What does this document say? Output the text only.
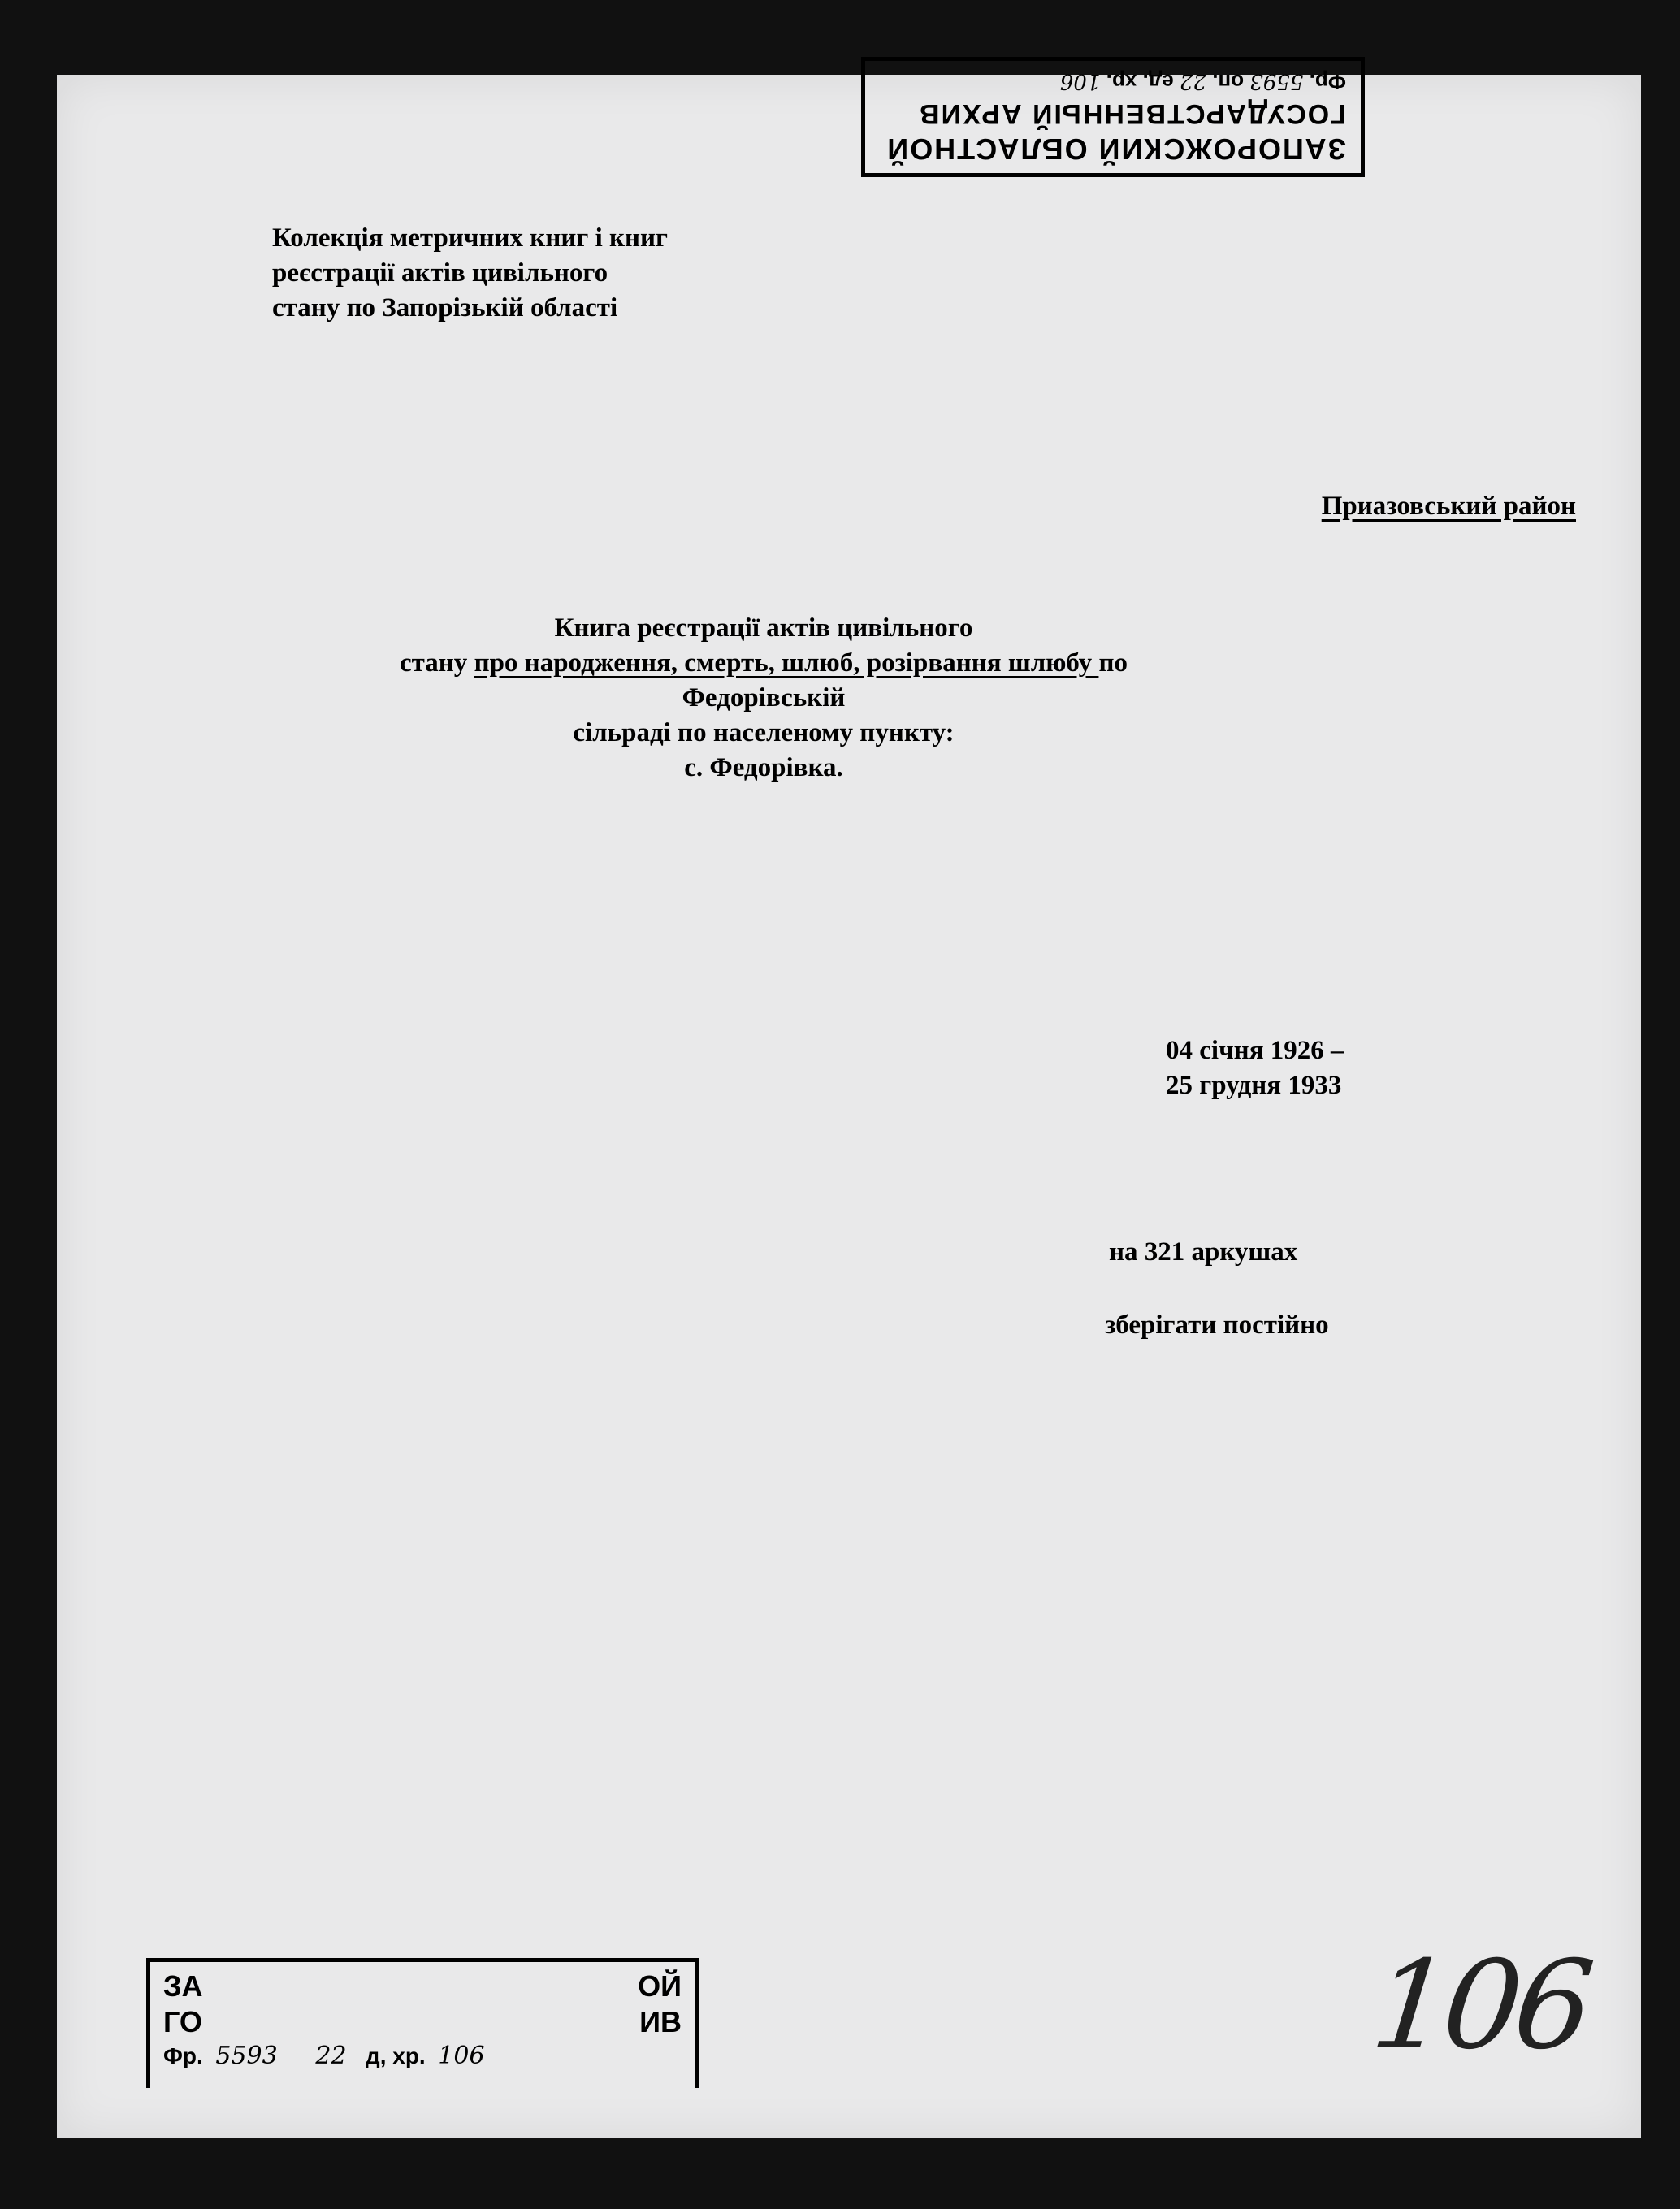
Колекція метричних книг і книг
реєстрації актів цивільного
стану по Запорізькій області
Приазовський район
Книга реєстрації актів цивільного
стану про народження, смерть, шлюб, розірвання шлюбу по
Федорівській
сільраді по населеному пункту:
с. Федорівка.
04 січня 1926 –
25 грудня 1933
на 321 аркушах
зберігати постійно
106
ЗАПОРОЖСКИЙ ОБЛАСТНОЙ
ГОСУДАРСТВЕННЫЙ АРХИВ
Фр. 5593 оп. 22 ед. хр. 106
ЗА	ОЙ
ГО	ИВ
Фр. 5593 22 д, хр. 106
